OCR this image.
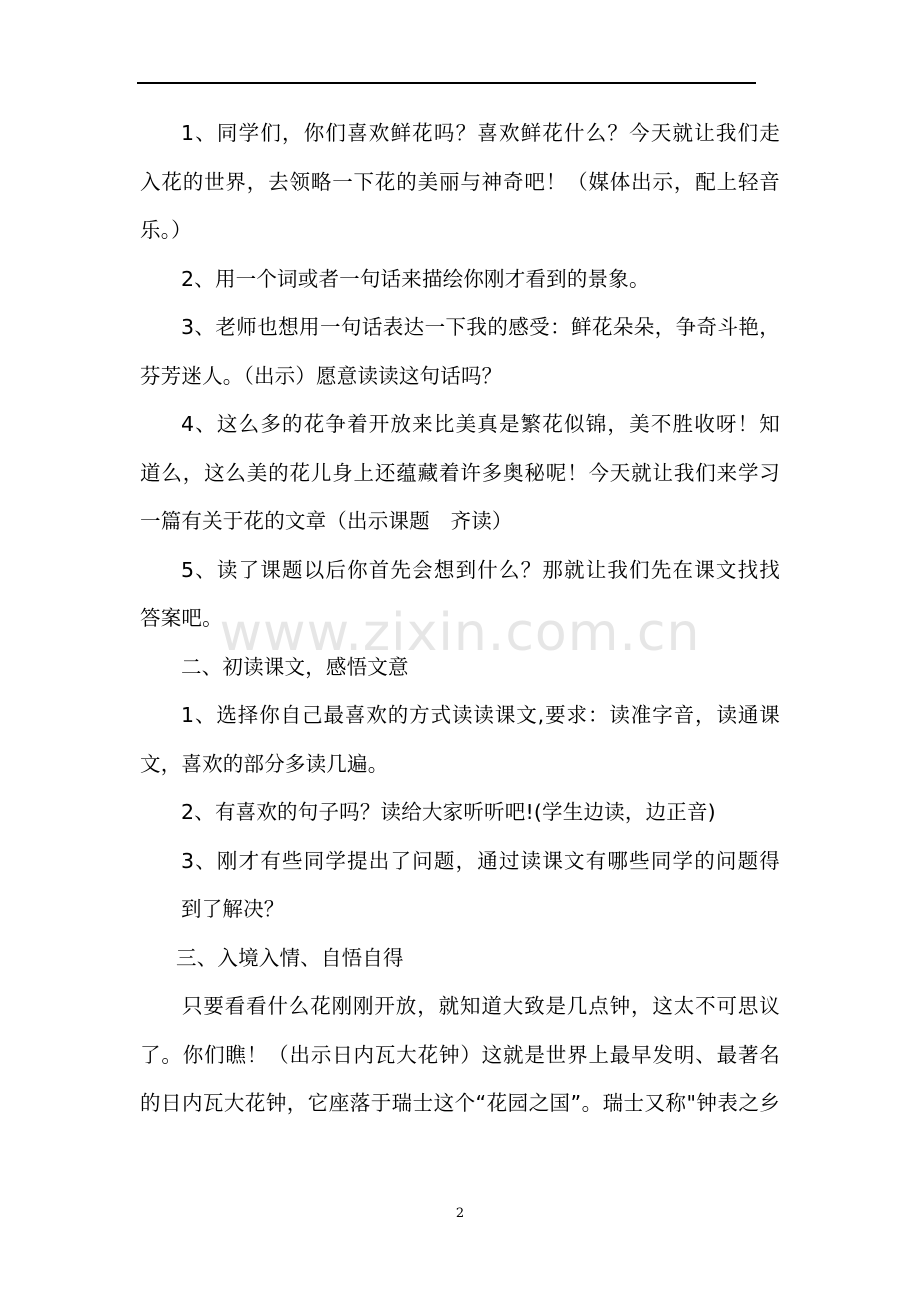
www.zixin.com.cn
1、同学们，你们喜欢鲜花吗？喜欢鲜花什么？今天就让我们走
入花的世界，去领略一下花的美丽与神奇吧！（媒体出示，配上轻音
乐。）
2、用一个词或者一句话来描绘你刚才看到的景象。
3、老师也想用一句话表达一下我的感受：鲜花朵朵，争奇斗艳，
芬芳迷人。（出示）愿意读读这句话吗？
4、这么多的花争着开放来比美真是繁花似锦，美不胜收呀！知
道么，这么美的花儿身上还蕴藏着许多奥秘呢！今天就让我们来学习
一篇有关于花的文章（出示课题　齐读）
5、读了课题以后你首先会想到什么？那就让我们先在课文找找
答案吧。
二、初读课文，感悟文意
1、选择你自己最喜欢的方式读读课文,要求：读准字音，读通课
文，喜欢的部分多读几遍。
2、有喜欢的句子吗？读给大家听听吧!(学生边读，边正音)
3、刚才有些同学提出了问题，通过读课文有哪些同学的问题得
到了解决？
三、入境入情、自悟自得
只要看看什么花刚刚开放，就知道大致是几点钟，这太不可思议
了。你们瞧！（出示日内瓦大花钟）这就是世界上最早发明、最著名
的日内瓦大花钟，它座落于瑞士这个“花园之国”。瑞士又称"钟表之乡
2
